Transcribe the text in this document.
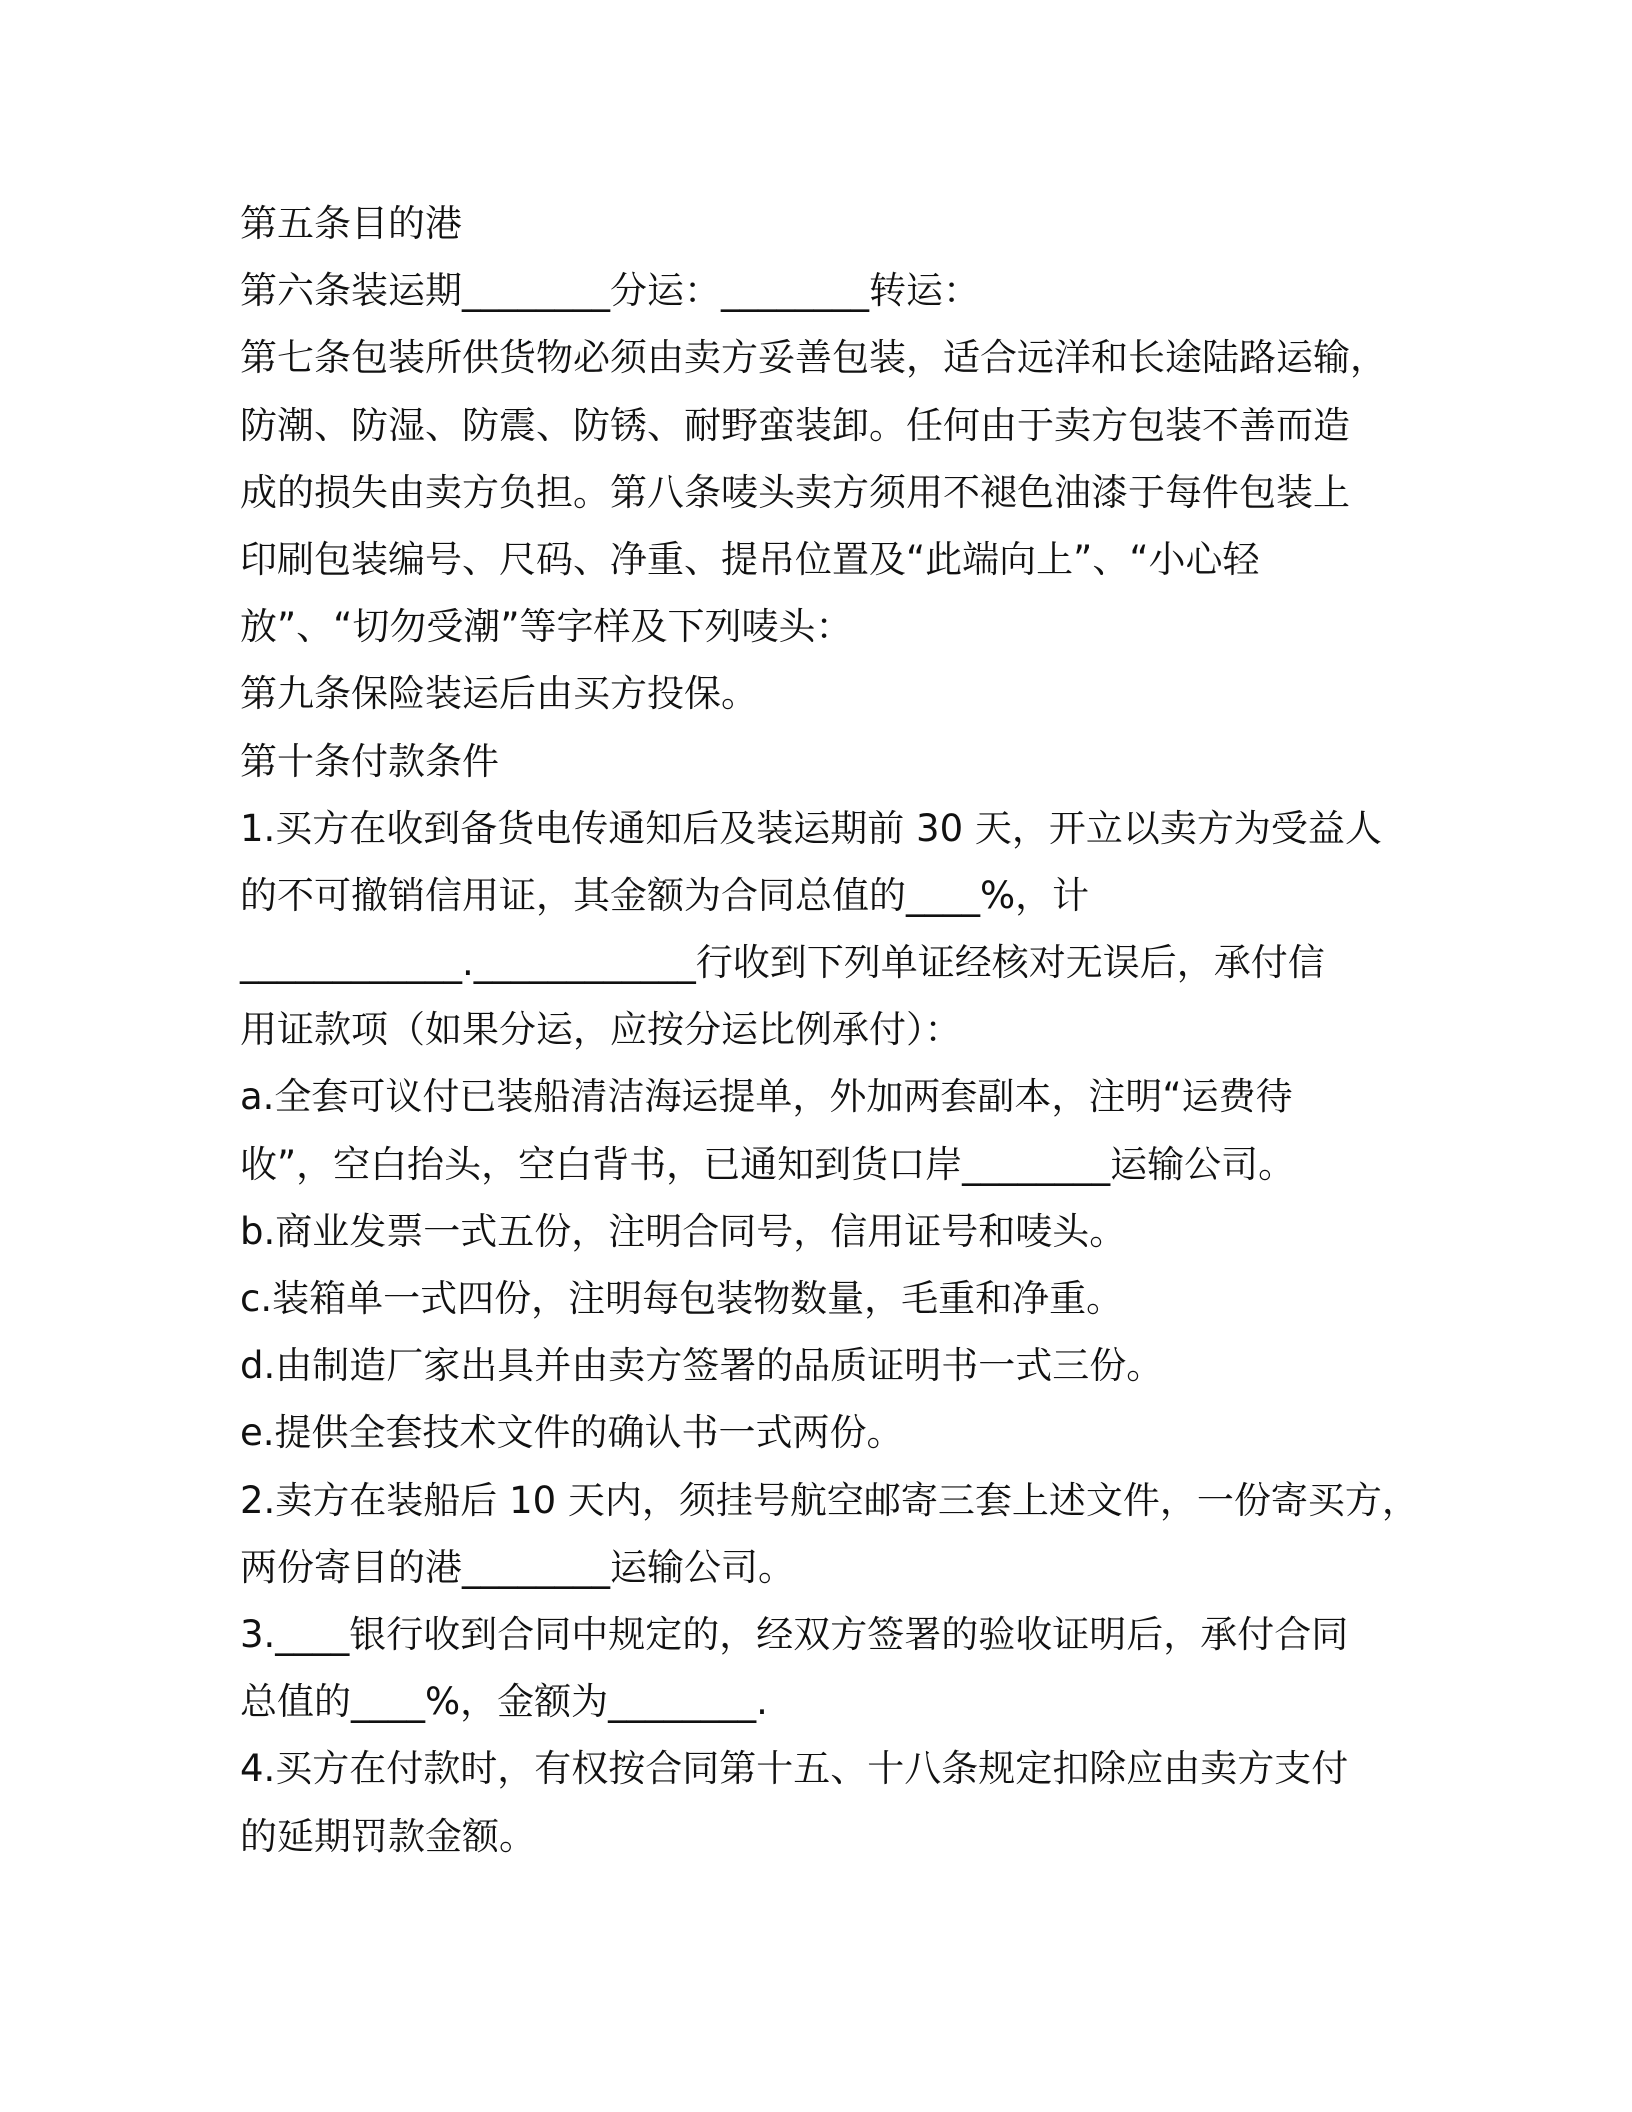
第五条目的港
第六条装运期________分运：________转运：
第七条包装所供货物必须由卖方妥善包装，适合远洋和长途陆路运输，
防潮、防湿、防震、防锈、耐野蛮装卸。任何由于卖方包装不善而造
成的损失由卖方负担。第八条唛头卖方须用不褪色油漆于每件包装上
印刷包装编号、尺码、净重、提吊位置及“此端向上”、“小心轻
放”、“切勿受潮”等字样及下列唛头：
第九条保险装运后由买方投保。
第十条付款条件
1.买方在收到备货电传通知后及装运期前 30 天，开立以卖方为受益人
的不可撤销信用证，其金额为合同总值的____%，计
____________.____________行收到下列单证经核对无误后，承付信
用证款项（如果分运，应按分运比例承付）：
a.全套可议付已装船清洁海运提单，外加两套副本，注明“运费待
收”，空白抬头，空白背书，已通知到货口岸________运输公司。
b.商业发票一式五份，注明合同号，信用证号和唛头。
c.装箱单一式四份，注明每包装物数量，毛重和净重。
d.由制造厂家出具并由卖方签署的品质证明书一式三份。
e.提供全套技术文件的确认书一式两份。
2.卖方在装船后 10 天内，须挂号航空邮寄三套上述文件，一份寄买方，
两份寄目的港________运输公司。
3.____银行收到合同中规定的，经双方签署的验收证明后，承付合同
总值的____%，金额为________.
4.买方在付款时，有权按合同第十五、十八条规定扣除应由卖方支付
的延期罚款金额。
